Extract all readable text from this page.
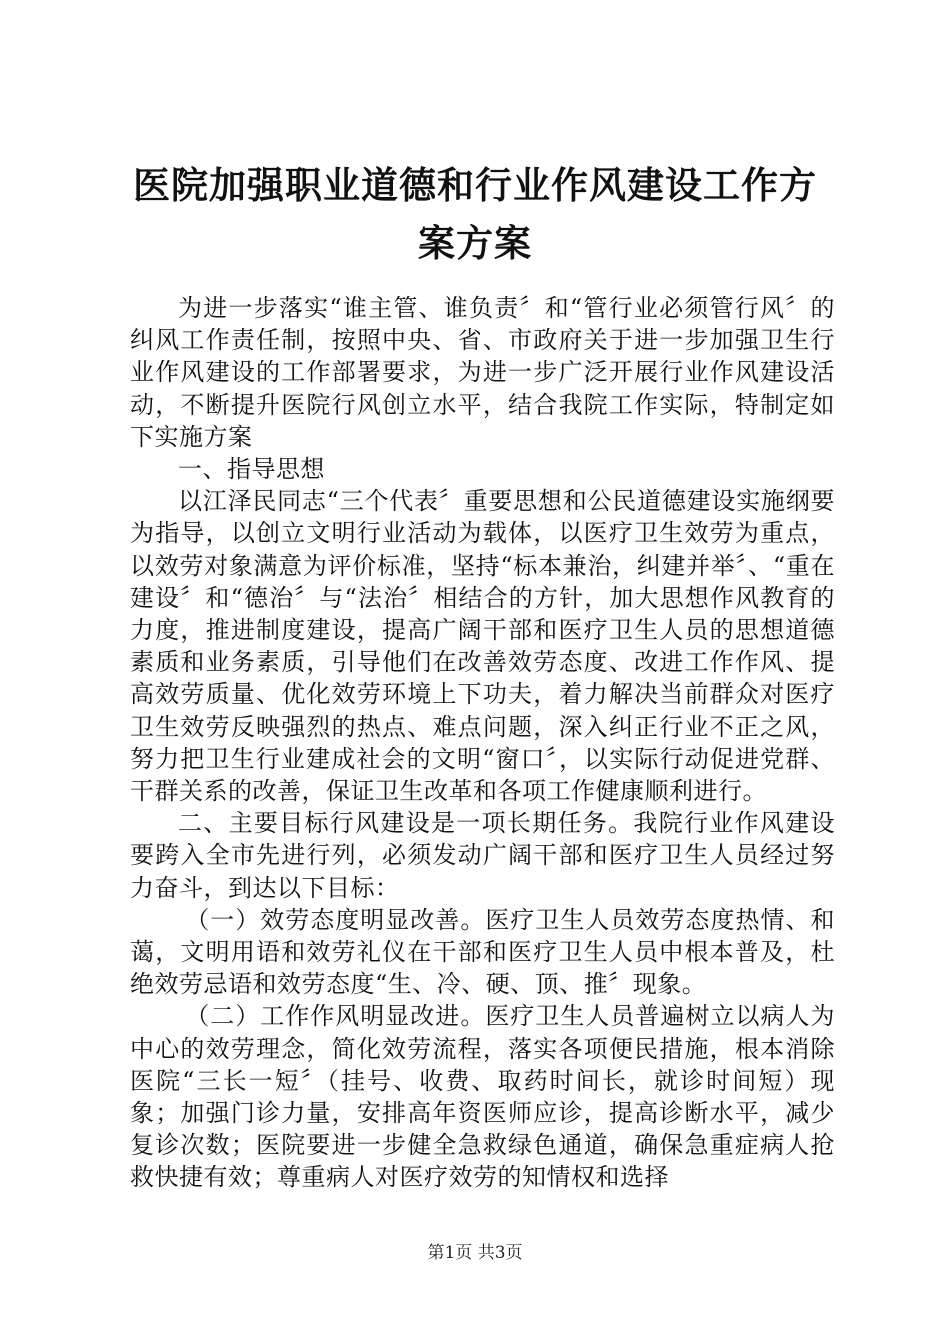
医院加强职业道德和行业作风建设工作方案方案

为进一步落实“谁主管、谁负责〞和“管行业必须管行风〞的纠风工作责任制，按照中央、省、市政府关于进一步加强卫生行业作风建设的工作部署要求，为进一步广泛开展行业作风建设活动，不断提升医院行风创立水平，结合我院工作实际，特制定如下实施方案

一、指导思想

以江泽民同志“三个代表〞重要思想和公民道德建设实施纲要为指导，以创立文明行业活动为载体，以医疗卫生效劳为重点，以效劳对象满意为评价标准，坚持“标本兼治，纠建并举〞、“重在建设〞和“德治〞与“法治〞相结合的方针，加大思想作风教育的力度，推进制度建设，提高广阔干部和医疗卫生人员的思想道德素质和业务素质，引导他们在改善效劳态度、改进工作作风、提高效劳质量、优化效劳环境上下功夫，着力解决当前群众对医疗卫生效劳反映强烈的热点、难点问题，深入纠正行业不正之风，努力把卫生行业建成社会的文明“窗口〞，以实际行动促进党群、干群关系的改善，保证卫生改革和各项工作健康顺利进行。

二、主要目标行风建设是一项长期任务。我院行业作风建设要跨入全市先进行列，必须发动广阔干部和医疗卫生人员经过努力奋斗，到达以下目标：

（一）效劳态度明显改善。医疗卫生人员效劳态度热情、和蔼，文明用语和效劳礼仪在干部和医疗卫生人员中根本普及，杜绝效劳忌语和效劳态度“生、冷、硬、顶、推〞现象。

（二）工作作风明显改进。医疗卫生人员普遍树立以病人为中心的效劳理念，简化效劳流程，落实各项便民措施，根本消除医院“三长一短〞（挂号、收费、取药时间长，就诊时间短）现象；加强门诊力量，安排高年资医师应诊，提高诊断水平，减少复诊次数；医院要进一步健全急救绿色通道，确保急重症病人抢救快捷有效；尊重病人对医疗效劳的知情权和选择

第1页 共3页
